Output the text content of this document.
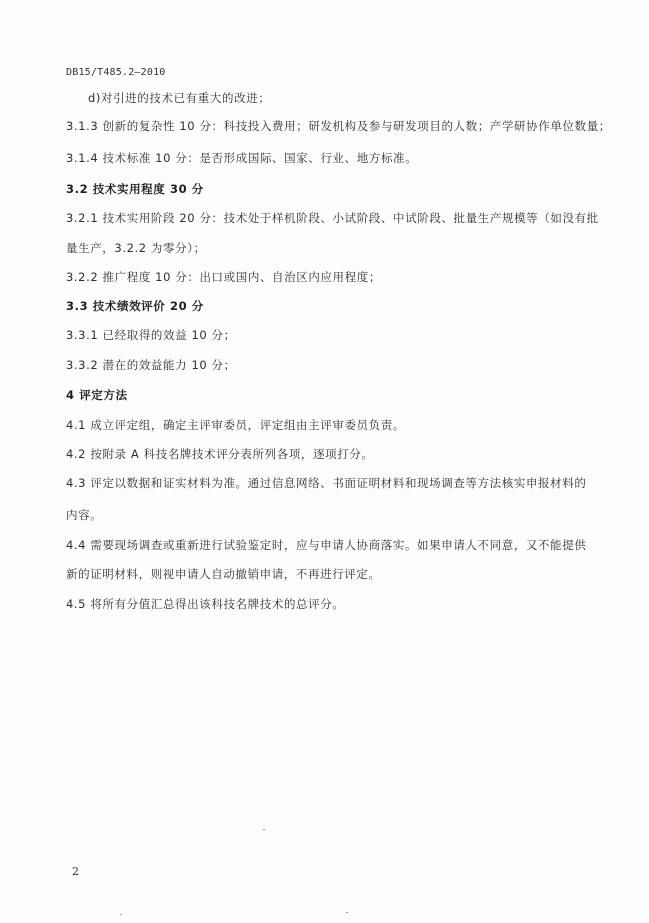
DB15/T485.2—2010
d)对引进的技术已有重大的改进；
3.1.3 创新的复杂性 10 分：科技投入费用；研发机构及参与研发项目的人数；产学研协作单位数量；
3.1.4 技术标准 10 分：是否形成国际、国家、行业、地方标准。
3.2 技术实用程度 30 分
3.2.1 技术实用阶段 20 分：技术处于样机阶段、小试阶段、中试阶段、批量生产规模等（如没有批
量生产，3.2.2 为零分）；
3.2.2 推广程度 10 分：出口或国内、自治区内应用程度；
3.3 技术绩效评价 20 分
3.3.1 已经取得的效益 10 分；
3.3.2 潜在的效益能力 10 分；
4 评定方法
4.1 成立评定组，确定主评审委员，评定组由主评审委员负责。
4.2 按附录 A 科技名牌技术评分表所列各项，逐项打分。
4.3 评定以数据和证实材料为准。通过信息网络、书面证明材料和现场调查等方法核实申报材料的
内容。
4.4 需要现场调查或重新进行试验鉴定时，应与申请人协商落实。如果申请人不同意，又不能提供
新的证明材料，则视申请人自动撤销申请，不再进行评定。
4.5 将所有分值汇总得出该科技名牌技术的总评分。
2
